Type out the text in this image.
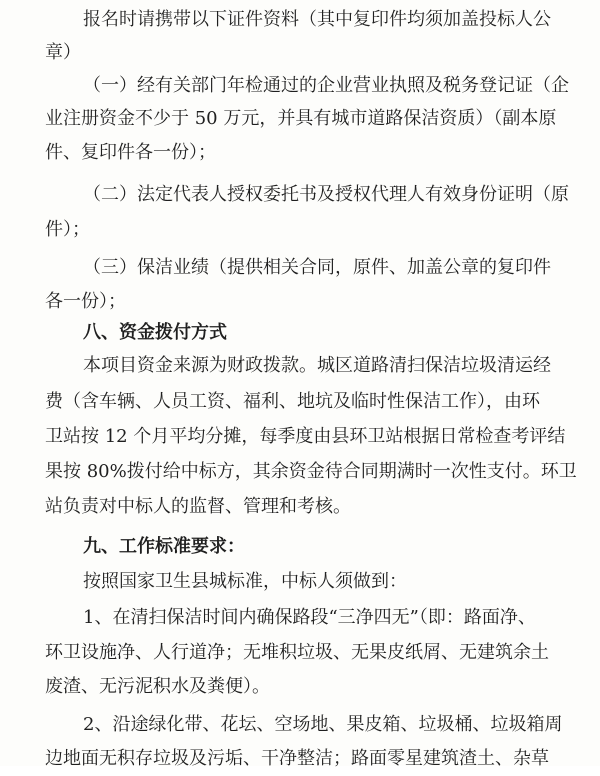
报名时请携带以下证件资料（其中复印件均须加盖投标人公
章）
（一）经有关部门年检通过的企业营业执照及税务登记证（企
业注册资金不少于 50 万元，并具有城市道路保洁资质）（副本原
件、复印件各一份）；
（二）法定代表人授权委托书及授权代理人有效身份证明（原
件）；
（三）保洁业绩（提供相关合同，原件、加盖公章的复印件
各一份）；
八、资金拨付方式
本项目资金来源为财政拨款。城区道路清扫保洁垃圾清运经
费（含车辆、人员工资、福利、地坑及临时性保洁工作），由环
卫站按 12 个月平均分摊，每季度由县环卫站根据日常检查考评结
果按 80%拨付给中标方，其余资金待合同期满时一次性支付。环卫
站负责对中标人的监督、管理和考核。
九、工作标准要求：
按照国家卫生县城标准，中标人须做到：
1、在清扫保洁时间内确保路段“三净四无”（即：路面净、
环卫设施净、人行道净；无堆积垃圾、无果皮纸屑、无建筑余土
废渣、无污泥积水及粪便）。
2、沿途绿化带、花坛、空场地、果皮箱、垃圾桶、垃圾箱周
边地面无积存垃圾及污垢、干净整洁；路面零星建筑渣土、杂草
